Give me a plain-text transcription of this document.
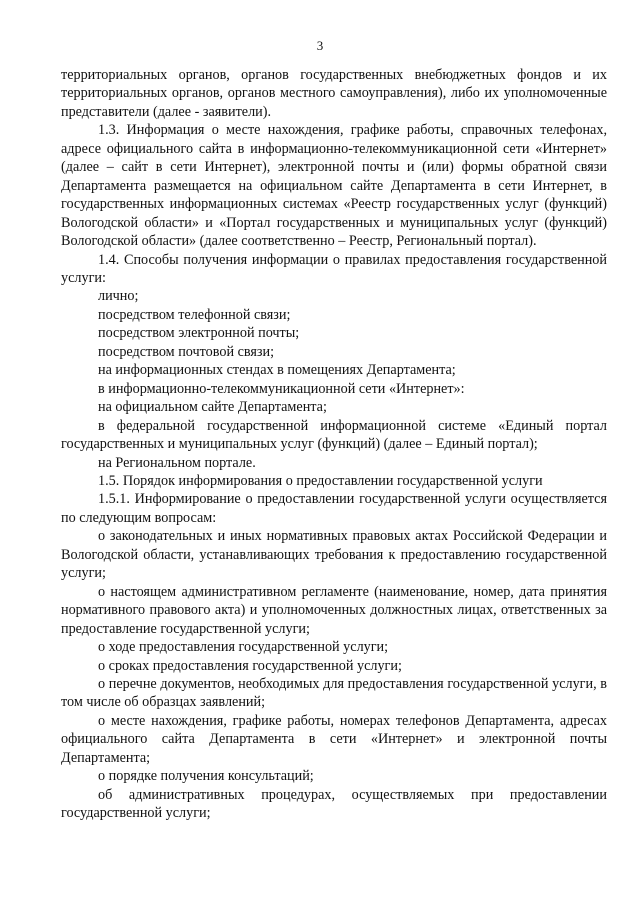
3

территориальных органов, органов государственных внебюджетных фондов и их территориальных органов, органов местного самоуправления), либо их уполномоченные представители (далее - заявители).

1.3. Информация о месте нахождения, графике работы, справочных телефонах, адресе официального сайта в информационно-телекоммуникационной сети «Интернет» (далее – сайт в сети Интернет), электронной почты и (или) формы обратной связи Департамента размещается на официальном сайте Департамента в сети Интернет, в государственных информационных системах «Реестр государственных услуг (функций) Вологодской области» и «Портал государственных и муниципальных услуг (функций) Вологодской области» (далее соответственно – Реестр, Региональный портал).

1.4. Способы получения информации о правилах предоставления государственной услуги:

лично;

посредством телефонной связи;

посредством электронной почты;

посредством почтовой связи;

на информационных стендах в помещениях Департамента;

в информационно-телекоммуникационной сети «Интернет»:

на официальном сайте Департамента;

в федеральной государственной информационной системе «Единый портал государственных и муниципальных услуг (функций) (далее – Единый портал);

на Региональном портале.

1.5. Порядок информирования о предоставлении государственной услуги

1.5.1. Информирование о предоставлении государственной услуги осуществляется по следующим вопросам:

о законодательных и иных нормативных правовых актах Российской Федерации и Вологодской области, устанавливающих требования к предоставлению государственной услуги;

о настоящем административном регламенте (наименование, номер, дата принятия нормативного правового акта) и уполномоченных должностных лицах, ответственных за предоставление государственной услуги;

о ходе предоставления государственной услуги;

о сроках предоставления государственной услуги;

о перечне документов, необходимых для предоставления государственной услуги, в том числе об образцах заявлений;

о месте нахождения, графике работы, номерах телефонов Департамента, адресах официального сайта Департамента в сети «Интернет» и электронной почты Департамента;

о порядке получения консультаций;

об административных процедурах, осуществляемых при предоставлении государственной услуги;
